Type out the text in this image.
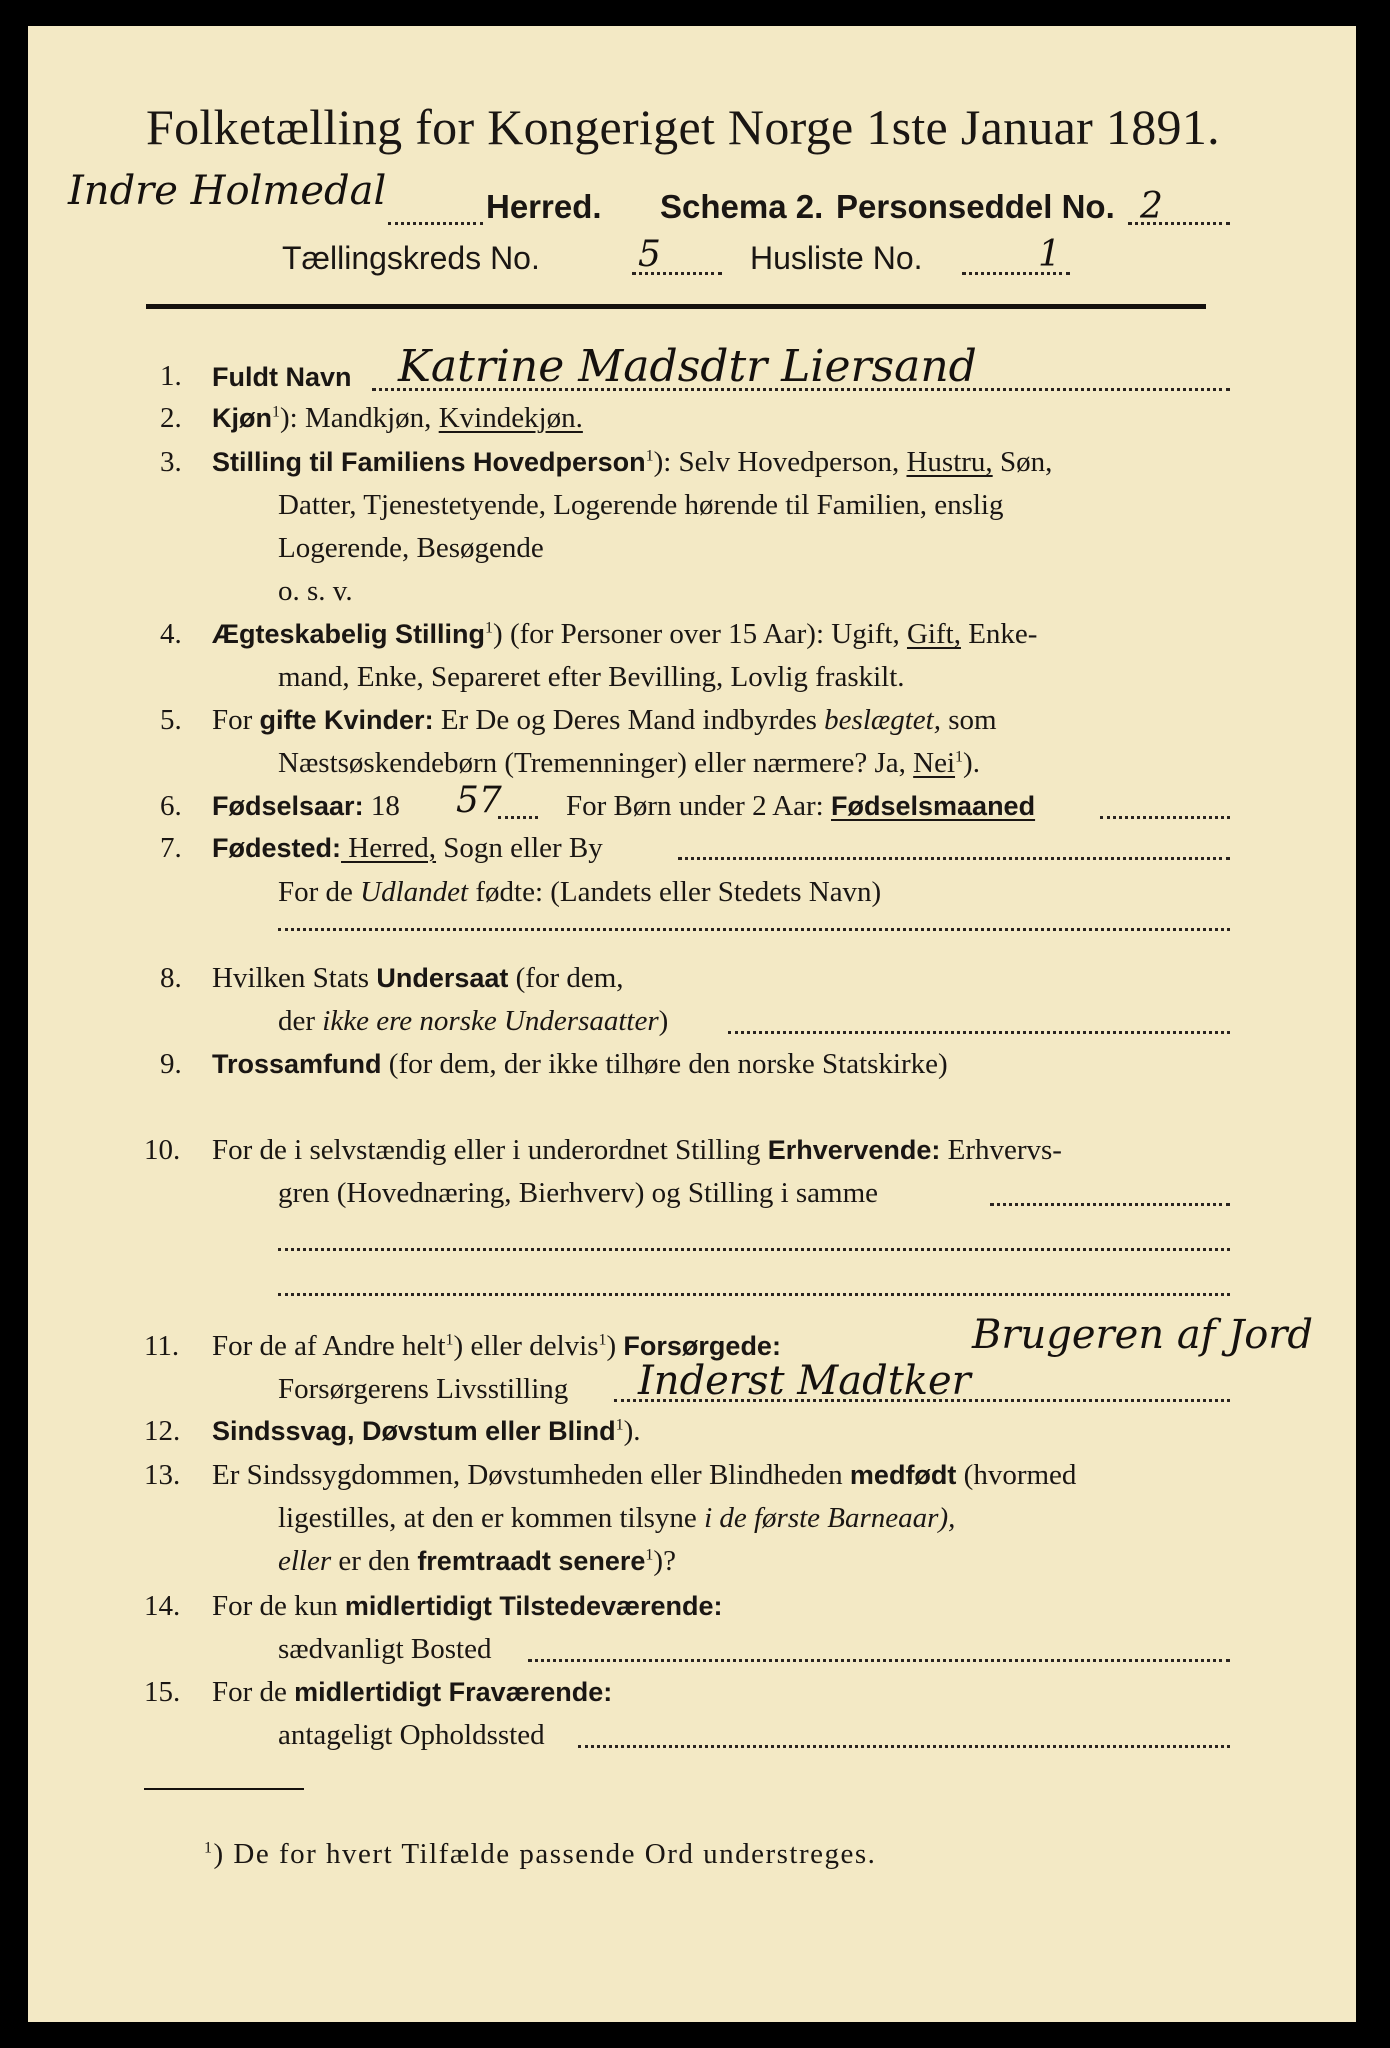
Folketælling for Kongeriget Norge 1ste Januar 1891.
Indre Holmedal	Herred. Schema 2. Personseddel No. 2
Tællingskreds No.	5	Husliste No.	1
1. Fuldt Navn Katrine Madsdtr Liersand
2. Kjøn$^1$): Mandkjøn, Kvindekjøn.
3. Stilling til Familiens Hovedperson$^1$): Selv Hovedperson, Hustru, Søn,
Datter, Tjenestetyende, Logerende hørende til Familien, enslig
Logerende, Besøgende
o. s. v.
4. Ægteskabelig Stilling$^1$) (for Personer over 15 Aar): Ugift, Gift, Enke-
mand, Enke, Separeret efter Bevilling, Lovlig fraskilt.
5. For gifte Kvinder: Er De og Deres Mand indbyrdes beslægtet, som
Næstsøskendebørn (Tremenninger) eller nærmere? Ja, Nei$^1$).
6. Fødselsaar: 18 57 For Børn under 2 Aar: Fødselsmaaned
7. Fødested: Herred, Sogn eller By
For de Udlandet fødte: (Landets eller Stedets Navn)
8. Hvilken Stats Undersaat (for dem,
der ikke ere norske Undersaatter)
9. Trossamfund (for dem, der ikke tilhøre den norske Statskirke)
10. For de i selvstændig eller i underordnet Stilling Erhvervende: Erhvervs-
gren (Hovednæring, Bierhverv) og Stilling i samme
11. For de af Andre helt$^1$) eller delvis$^1$) Forsørgede:	Brugeren af Jord
Forsørgerens Livsstilling Inderst Madtker
12. Sindssvag, Døvstum eller Blind$^1$).
13. Er Sindssygdommen, Døvstumheden eller Blindheden medfødt (hvormed
ligestilles, at den er kommen tilsyne i de første Barneaar),
eller er den fremtraadt senere$^1$)?
14. For de kun midlertidigt Tilstedeværende:
sædvanligt Bosted
15. For de midlertidigt Fraværende:
antageligt Opholdssted
$^1$) De for hvert Tilfælde passende Ord understreges.
